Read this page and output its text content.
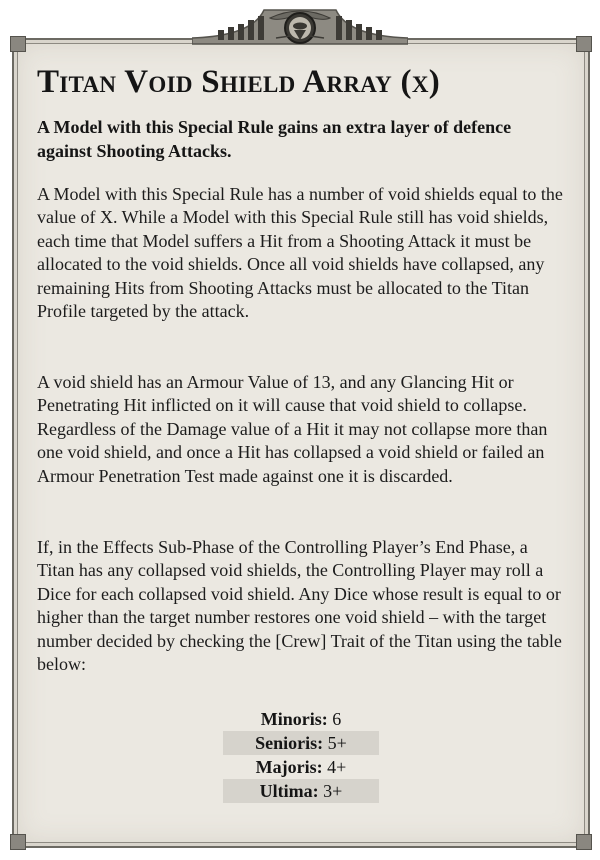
Titan Void Shield Array (x)

A Model with this Special Rule gains an extra layer of defence against Shooting Attacks.

A Model with this Special Rule has a number of void shields equal to the value of X. While a Model with this Special Rule still has void shields, each time that Model suffers a Hit from a Shooting Attack it must be allocated to the void shields. Once all void shields have collapsed, any remaining Hits from Shooting Attacks must be allocated to the Titan Profile targeted by the attack.

A void shield has an Armour Value of 13, and any Glancing Hit or Penetrating Hit inflicted on it will cause that void shield to collapse. Regardless of the Damage value of a Hit it may not collapse more than one void shield, and once a Hit has collapsed a void shield or failed an Armour Penetration Test made against one it is discarded.

If, in the Effects Sub-Phase of the Controlling Player’s End Phase, a Titan has any collapsed void shields, the Controlling Player may roll a Dice for each collapsed void shield. Any Dice whose result is equal to or higher than the target number restores one void shield – with the target number decided by checking the [Crew] Trait of the Titan using the table below:

Minoris: 6
Senioris: 5+
Majoris: 4+
Ultima: 3+
